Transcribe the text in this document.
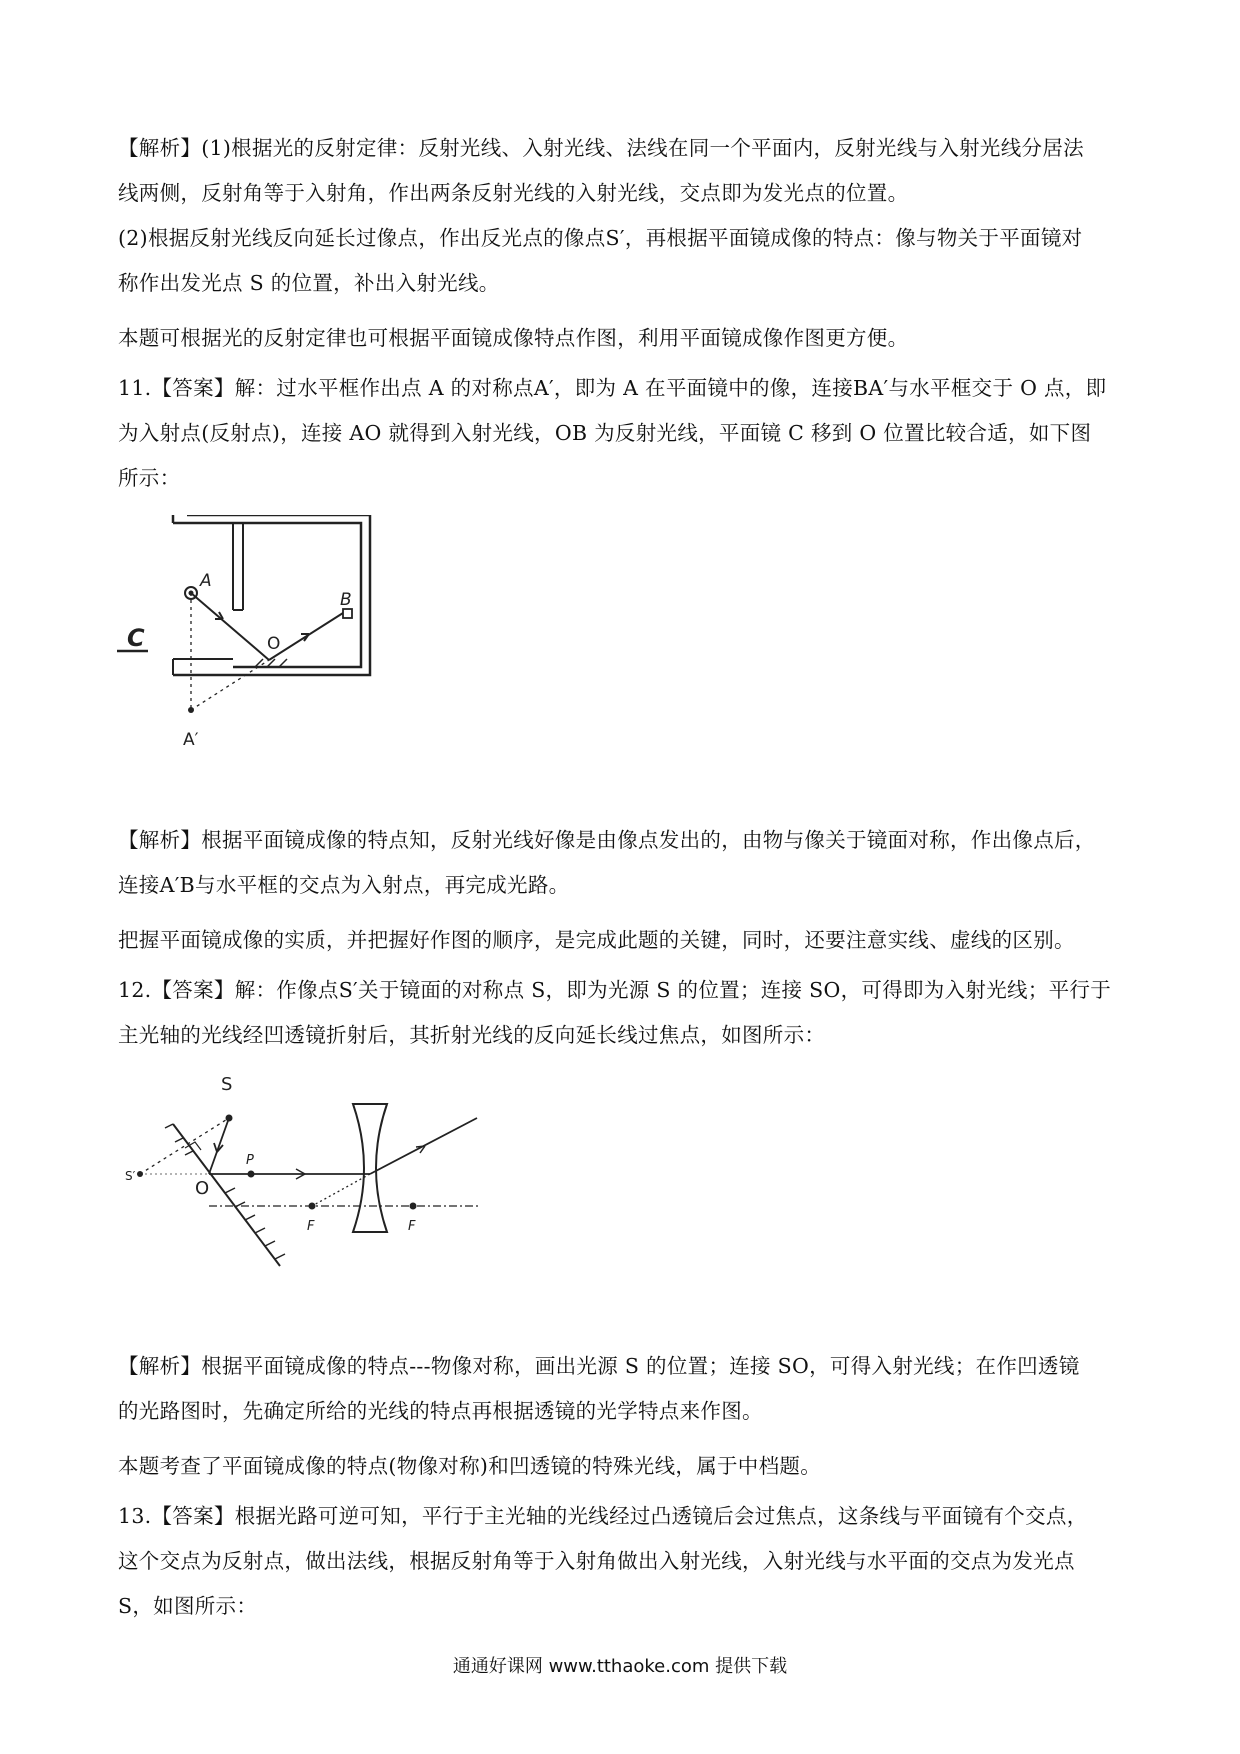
【解析】(1)根据光的反射定律：反射光线、入射光线、法线在同一个平面内，反射光线与入射光线分居法
线两侧，反射角等于入射角，作出两条反射光线的入射光线，交点即为发光点的位置。
(2)根据反射光线反向延长过像点，作出反光点的像点S′，再根据平面镜成像的特点：像与物关于平面镜对
称作出发光点 S 的位置，补出入射光线。
本题可根据光的反射定律也可根据平面镜成像特点作图，利用平面镜成像作图更方便。
11.【答案】解：过水平框作出点 A 的对称点A′，即为 A 在平面镜中的像，连接BA′与水平框交于 O 点，即
为入射点(反射点)，连接 AO 就得到入射光线，OB 为反射光线，平面镜 C 移到 O 位置比较合适，如下图
所示：
A
B
O
C
A′
【解析】根据平面镜成像的特点知，反射光线好像是由像点发出的，由物与像关于镜面对称，作出像点后，
连接A′B与水平框的交点为入射点，再完成光路。
把握平面镜成像的实质，并把握好作图的顺序，是完成此题的关键，同时，还要注意实线、虚线的区别。
12.【答案】解：作像点S′关于镜面的对称点 S，即为光源 S 的位置；连接 SO，可得即为入射光线；平行于
主光轴的光线经凹透镜折射后，其折射光线的反向延长线过焦点，如图所示：
S
S′
O
P
F	F
【解析】根据平面镜成像的特点---物像对称，画出光源 S 的位置；连接 SO，可得入射光线；在作凹透镜
的光路图时，先确定所给的光线的特点再根据透镜的光学特点来作图。
本题考查了平面镜成像的特点(物像对称)和凹透镜的特殊光线，属于中档题。
13.【答案】根据光路可逆可知，平行于主光轴的光线经过凸透镜后会过焦点，这条线与平面镜有个交点，
这个交点为反射点，做出法线，根据反射角等于入射角做出入射光线，入射光线与水平面的交点为发光点
S，如图所示：
通通好课网 www.tthaoke.com 提供下载
